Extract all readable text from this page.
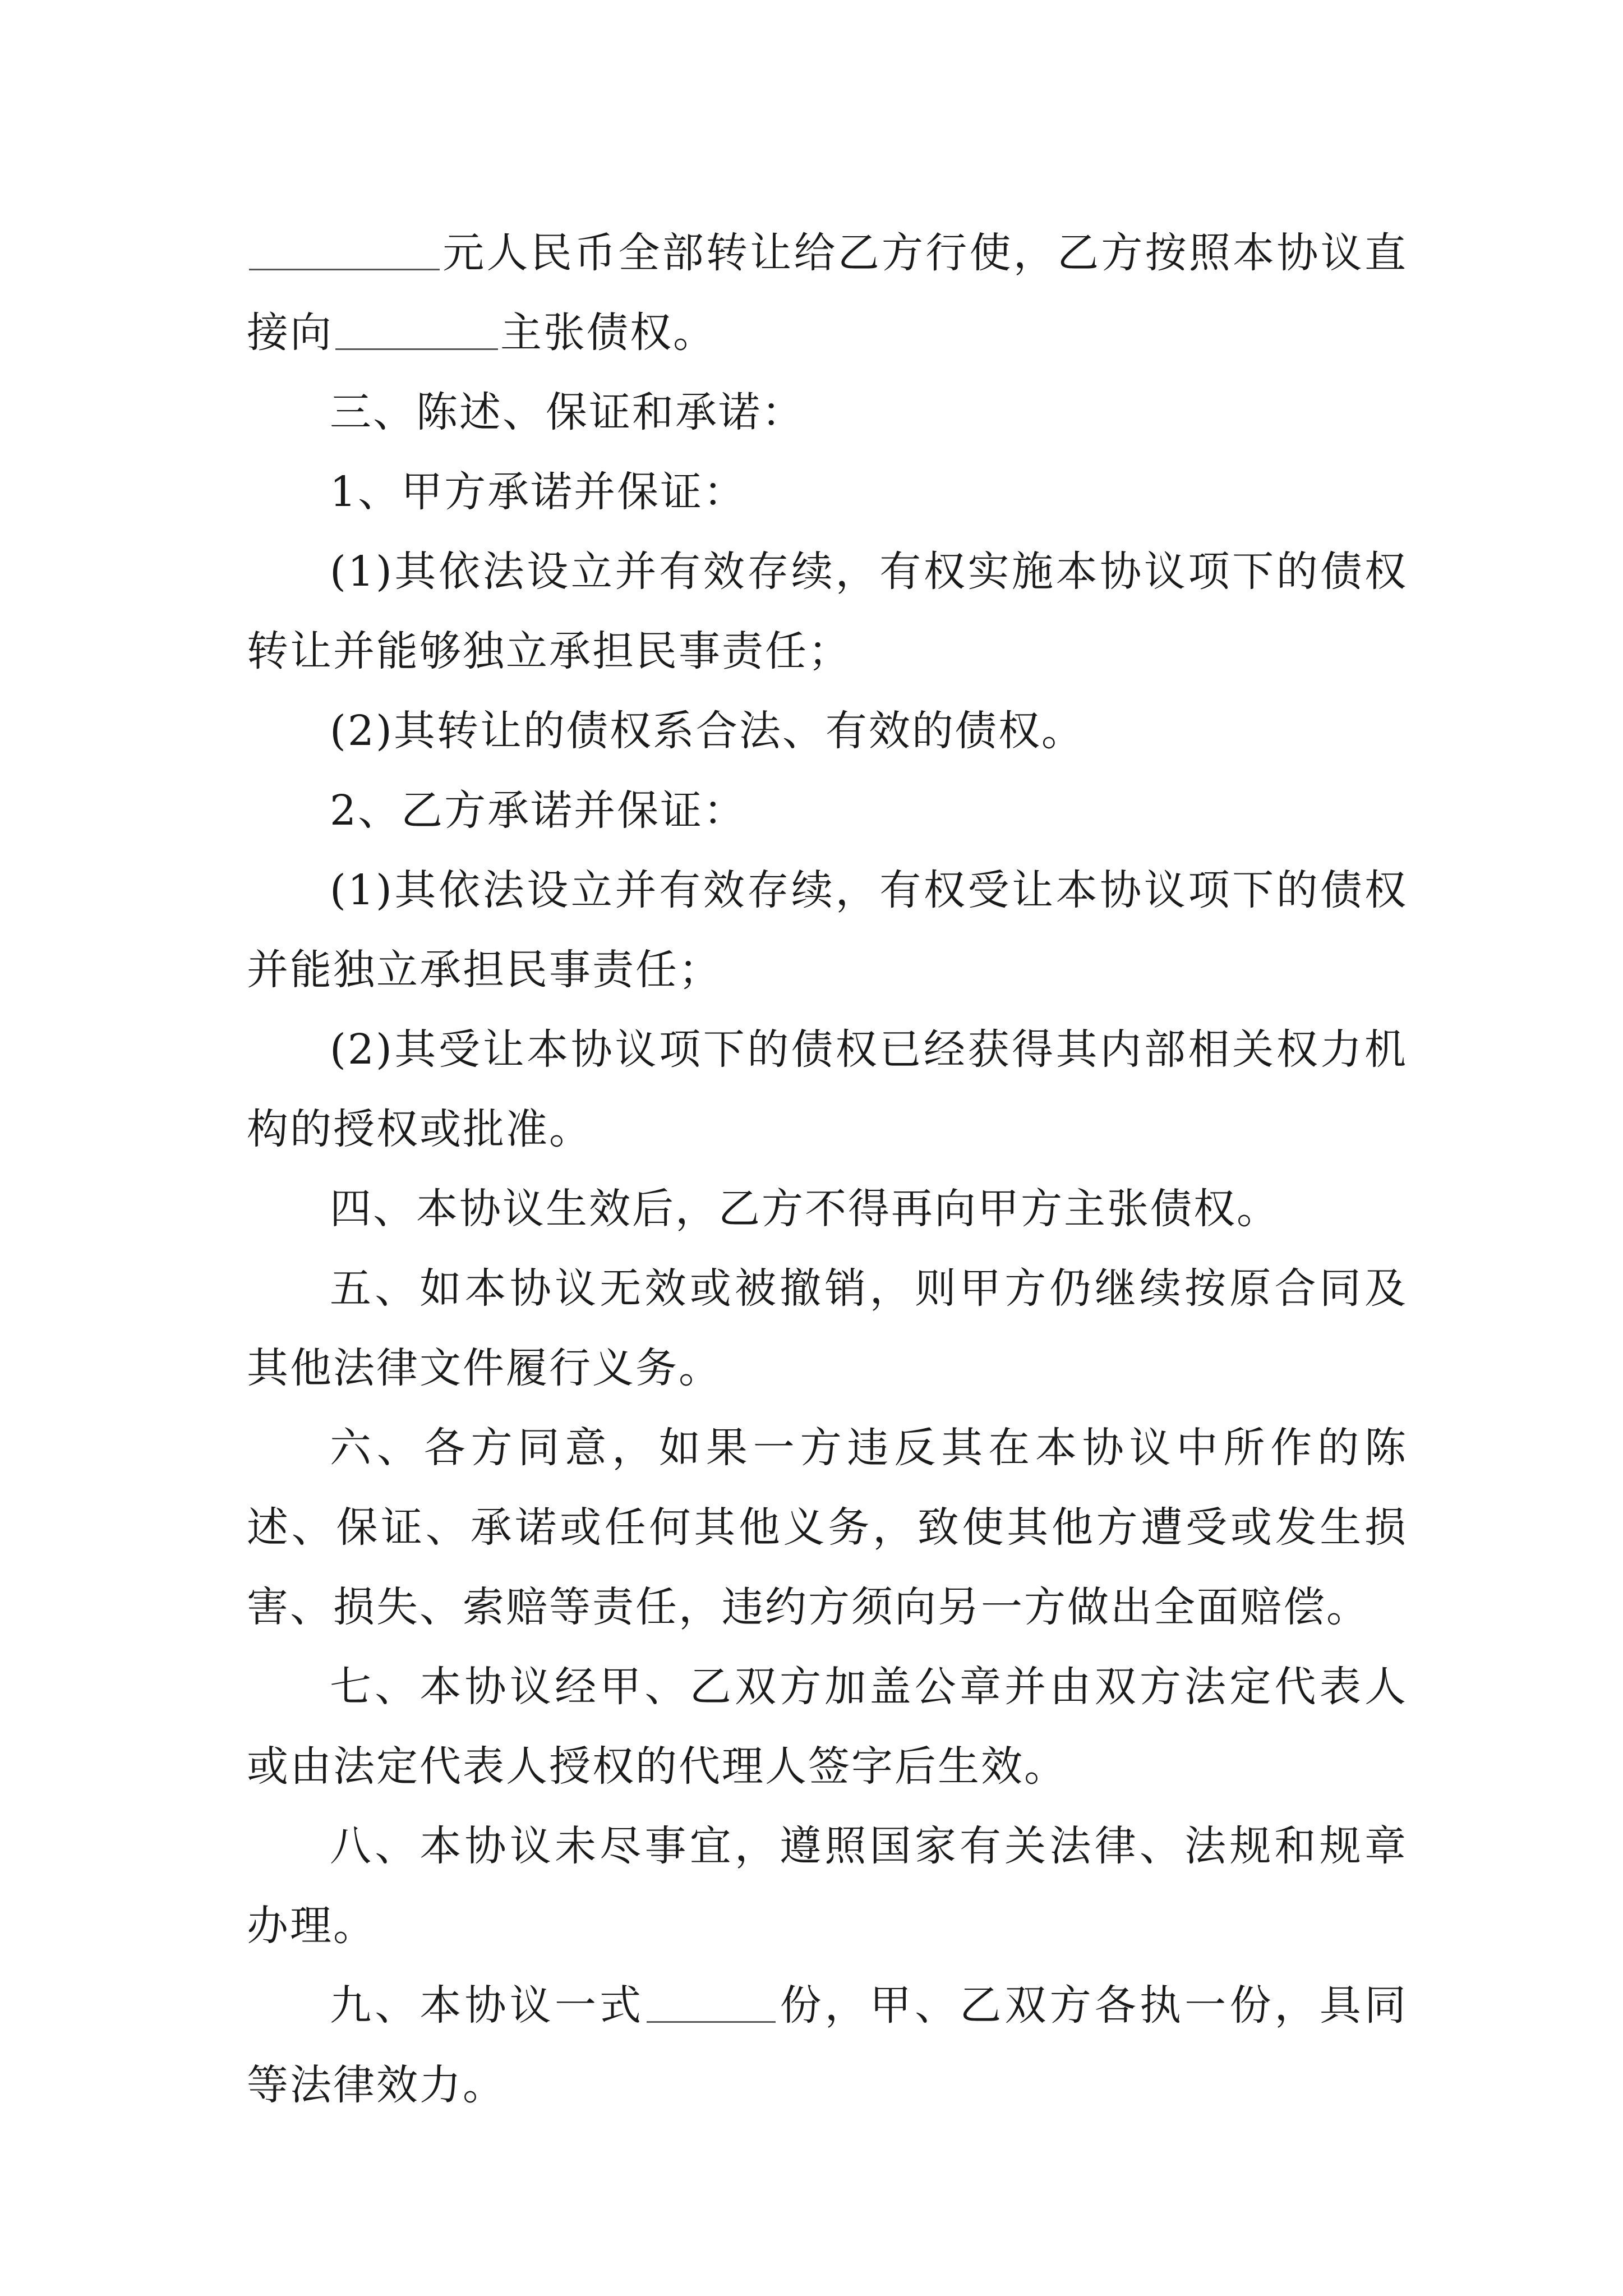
元人民币全部转让给乙方行使，乙方按照本协议直接向	主张债权。

三、陈述、保证和承诺：

1、甲方承诺并保证：

(1)其依法设立并有效存续，有权实施本协议项下的债权转让并能够独立承担民事责任；

(2)其转让的债权系合法、有效的债权。

2、乙方承诺并保证：

(1)其依法设立并有效存续，有权受让本协议项下的债权并能独立承担民事责任；

(2)其受让本协议项下的债权已经获得其内部相关权力机构的授权或批准。

四、本协议生效后，乙方不得再向甲方主张债权。

五、如本协议无效或被撤销，则甲方仍继续按原合同及其他法律文件履行义务。

六、各方同意，如果一方违反其在本协议中所作的陈述、保证、承诺或任何其他义务，致使其他方遭受或发生损害、损失、索赔等责任，违约方须向另一方做出全面赔偿。

七、本协议经甲、乙双方加盖公章并由双方法定代表人或由法定代表人授权的代理人签字后生效。

八、本协议未尽事宜，遵照国家有关法律、法规和规章办理。

九、本协议一式	份，甲、乙双方各执一份，具同等法律效力。
